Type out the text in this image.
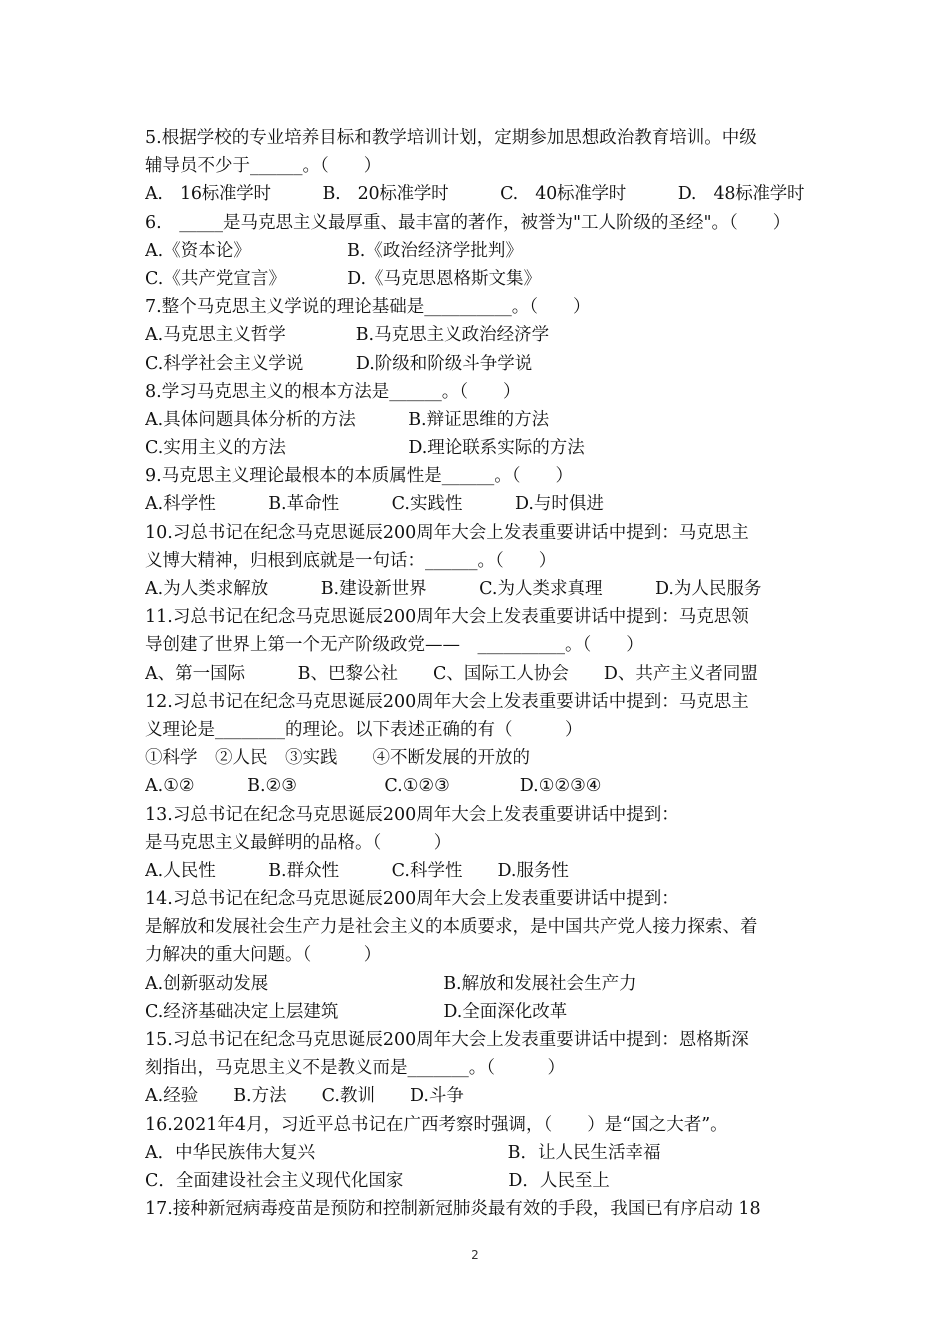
5.根据学校的专业培养目标和教学培训计划，定期参加思想政治教育培训。中级
辅导员不少于______。（　　）
A.　16标准学时　　　B.　20标准学时　　　C.　40标准学时　　　D.　48标准学时
6.　_____是马克思主义最厚重、最丰富的著作，被誉为"工人阶级的圣经"。（　　）
A.《资本论》　　　　　　B.《政治经济学批判》
C.《共产党宣言》　　　　D.《马克思恩格斯文集》
7.整个马克思主义学说的理论基础是__________。（　　）
A.马克思主义哲学　　　　B.马克思主义政治经济学
C.科学社会主义学说　　　D.阶级和阶级斗争学说
8.学习马克思主义的根本方法是______。（　　）
A.具体问题具体分析的方法　　　B.辩证思维的方法
C.实用主义的方法　　　　　　　D.理论联系实际的方法
9.马克思主义理论最根本的本质属性是______。（　　）
A.科学性　　　B.革命性　　　C.实践性　　　D.与时俱进
10.习总书记在纪念马克思诞辰200周年大会上发表重要讲话中提到：马克思主
义博大精神，归根到底就是一句话：______。（　　）
A.为人类求解放　　　B.建设新世界　　　C.为人类求真理　　　D.为人民服务
11.习总书记在纪念马克思诞辰200周年大会上发表重要讲话中提到：马克思领
导创建了世界上第一个无产阶级政党——　__________。（　　）
A、第一国际　　　B、巴黎公社　　C、国际工人协会　　D、共产主义者同盟
12.习总书记在纪念马克思诞辰200周年大会上发表重要讲话中提到：马克思主
义理论是________的理论。以下表述正确的有（　　　）
①科学　②人民　③实践　　④不断发展的开放的
A.①②　　　B.②③　　　　　C.①②③　　　　D.①②③④
13.习总书记在纪念马克思诞辰200周年大会上发表重要讲话中提到：
是马克思主义最鲜明的品格。（　　　）
A.人民性　　　B.群众性　　　C.科学性　　D.服务性
14.习总书记在纪念马克思诞辰200周年大会上发表重要讲话中提到：
是解放和发展社会生产力是社会主义的本质要求，是中国共产党人接力探索、着
力解决的重大问题。（　　　）
A.创新驱动发展　　　　　　　　　　B.解放和发展社会生产力
C.经济基础决定上层建筑　　　　　　D.全面深化改革
15.习总书记在纪念马克思诞辰200周年大会上发表重要讲话中提到：恩格斯深
刻指出，马克思主义不是教义而是_______。（　　　）
A.经验　　B.方法　　C.教训　　D.斗争
16.2021年4月，习近平总书记在广西考察时强调，（　　）是“国之大者”。
A．中华民族伟大复兴　　　　　　　　　　　B．让人民生活幸福
C．全面建设社会主义现代化国家　　　　　　D．人民至上
17.接种新冠病毒疫苗是预防和控制新冠肺炎最有效的手段，我国已有序启动 18
2
